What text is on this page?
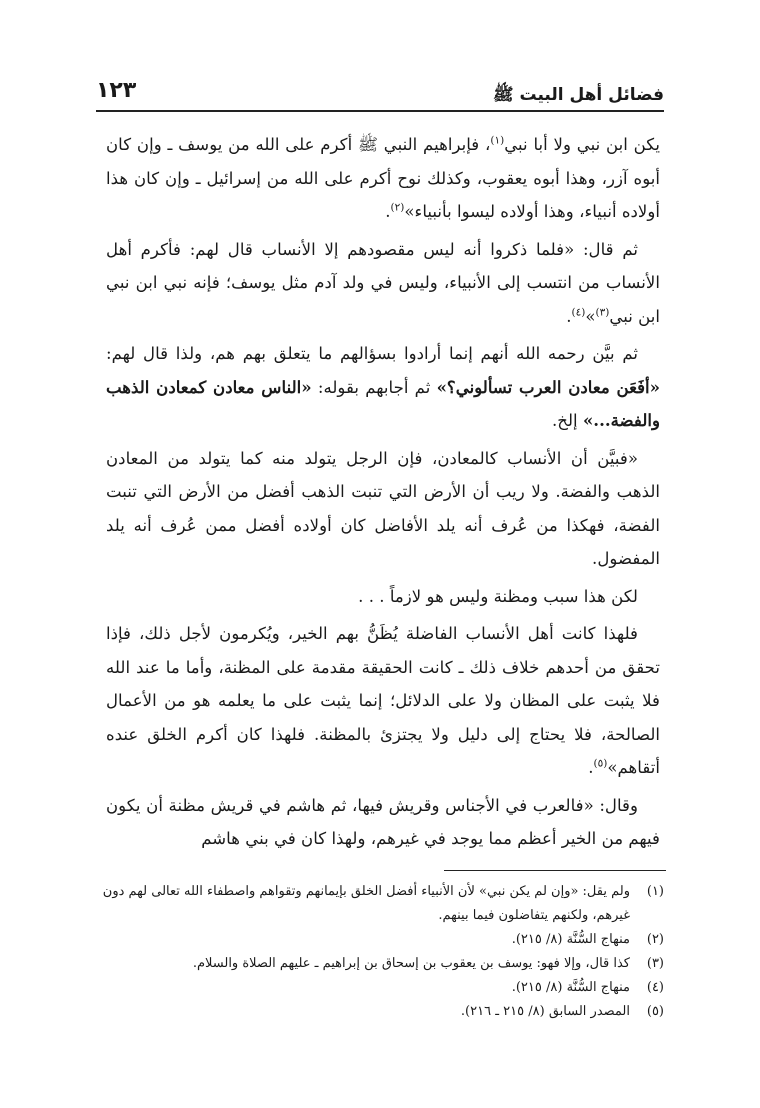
فضائل أهل البيت ﷺ
١٢٣

يكن ابن نبي ولا أبا نبي$^{(١)}$، فإبراهيم النبي ﷺ أكرم على الله من يوسف ـ وإن كان أبوه آزر، وهذا أبوه يعقوب، وكذلك نوح أكرم على الله من إسرائيل ـ وإن كان هذا أولاده أنبياء، وهذا أولاده ليسوا بأنبياء»$^{(٢)}$.

ثم قال: «فلما ذكروا أنه ليس مقصودهم إلا الأنساب قال لهم: فأكرم أهل الأنساب من انتسب إلى الأنبياء، وليس في ولد آدم مثل يوسف؛ فإنه نبي ابن نبي ابن نبي$^{(٣)}$»$^{(٤)}$.

ثم بيَّن رحمه الله أنهم إنما أرادوا بسؤالهم ما يتعلق بهم هم، ولذا قال لهم: «أفَعَن معادن العرب تسألوني؟» ثم أجابهم بقوله: «الناس معادن كمعادن الذهب والفضة...» إلخ.

«فبيَّن أن الأنساب كالمعادن، فإن الرجل يتولد منه كما يتولد من المعادن الذهب والفضة. ولا ريب أن الأرض التي تنبت الذهب أفضل من الأرض التي تنبت الفضة، فهكذا من عُرف أنه يلد الأفاضل كان أولاده أفضل ممن عُرف أنه يلد المفضول.

لكن هذا سبب ومظنة وليس هو لازماً . . .

فلهذا كانت أهل الأنساب الفاضلة يُظَنُّ بهم الخير، ويُكرمون لأجل ذلك، فإذا تحقق من أحدهم خلاف ذلك ـ كانت الحقيقة مقدمة على المظنة، وأما ما عند الله فلا يثبت على المظان ولا على الدلائل؛ إنما يثبت على ما يعلمه هو من الأعمال الصالحة، فلا يحتاج إلى دليل ولا يجتزئ بالمظنة. فلهذا كان أكرم الخلق عنده أتقاهم»$^{(٥)}$.

وقال: «فالعرب في الأجناس وقريش فيها، ثم هاشم في قريش مظنة أن يكون فيهم من الخير أعظم مما يوجد في غيرهم، ولهذا كان في بني هاشم

(١)
ولم يقل: «وإن لم يكن نبي» لأن الأنبياء أفضل الخلق بإيمانهم وتقواهم واصطفاء الله تعالى لهم دون غيرهم، ولكنهم يتفاضلون فيما بينهم.
(٢)
منهاج السُّنَّة (٨/ ٢١٥).
(٣)
كذا قال، وإلا فهو: يوسف بن يعقوب بن إسحاق بن إبراهيم ـ عليهم الصلاة والسلام.
(٤)
منهاج السُّنَّة (٨/ ٢١٥).
(٥)
المصدر السابق (٨/ ٢١٥ ـ ٢١٦).
